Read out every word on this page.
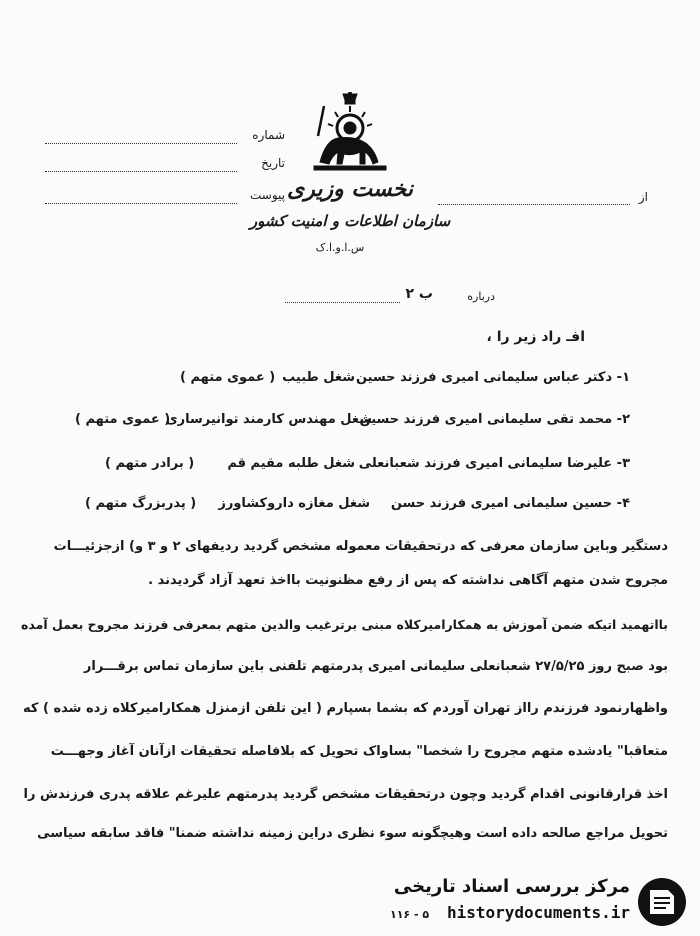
شماره
تاریخ
پیوست نخست وزیری
سازمان اطلاعات و امنیت کشور
س.ا.و.ا.ک
از
درباره
ب ۲
افـ راد زیر را ،
۱- دکتر عباس سلیمانی امیری فرزند حسین
شغل طبیب
( عموی متهم )
۲- محمد تقی سلیمانی امیری فرزند حسین
شغل مهندس کارمند توانیرساری
( عموی متهم )
۳- علیرضا سلیمانی امیری فرزند شعبانعلی
شغل طلبه مقیم قم
( برادر متهم )
۴- حسین سلیمانی امیری فرزند حسن
شغل مغازه داروکشاورز
( پدربزرگ متهم )
دستگیر وباین سازمان معرفی که درتحقیقات معموله مشخص گردید ردیفهای ۲ و ۳ و) ازجزئیـــات
مجروح شدن متهم آگاهی نداشته که پس از رفع مظنونیت بااخذ تعهد آزاد گردیدند .
بااتهمید اتیکه ضمن آموزش به همکارامیرکلاه مبنی برترغیب والدین متهم بمعرفی فرزند مجروح بعمل آمده
بود صبح روز ۲۷/۵/۲۵ شعبانعلی سلیمانی امیری پدرمتهم تلفنی باین سازمان تماس برقـــرار
واظهارنمود فرزندم رااز تهران آوردم که بشما بسپارم ( این تلفن ازمنزل همکارامیرکلاه زده شده ) که
متعاقبا" یادشده متهم مجروح را شخصا" بساواک تحویل که بلافاصله تحقیقات ازآنان آغاز وجهـــت
اخذ قرارقانونی اقدام گردید وچون درتحقیقات مشخص گردید پدرمتهم علیرغم علاقه پدری فرزندش را
تحویل مراجع صالحه داده است وهیچگونه سوء نظری دراین زمینه نداشته ضمنا" فاقد سابقه سیاسی
۱۱۶ - ۵
مرکز بررسی اسناد تاریخی
historydocuments.ir
